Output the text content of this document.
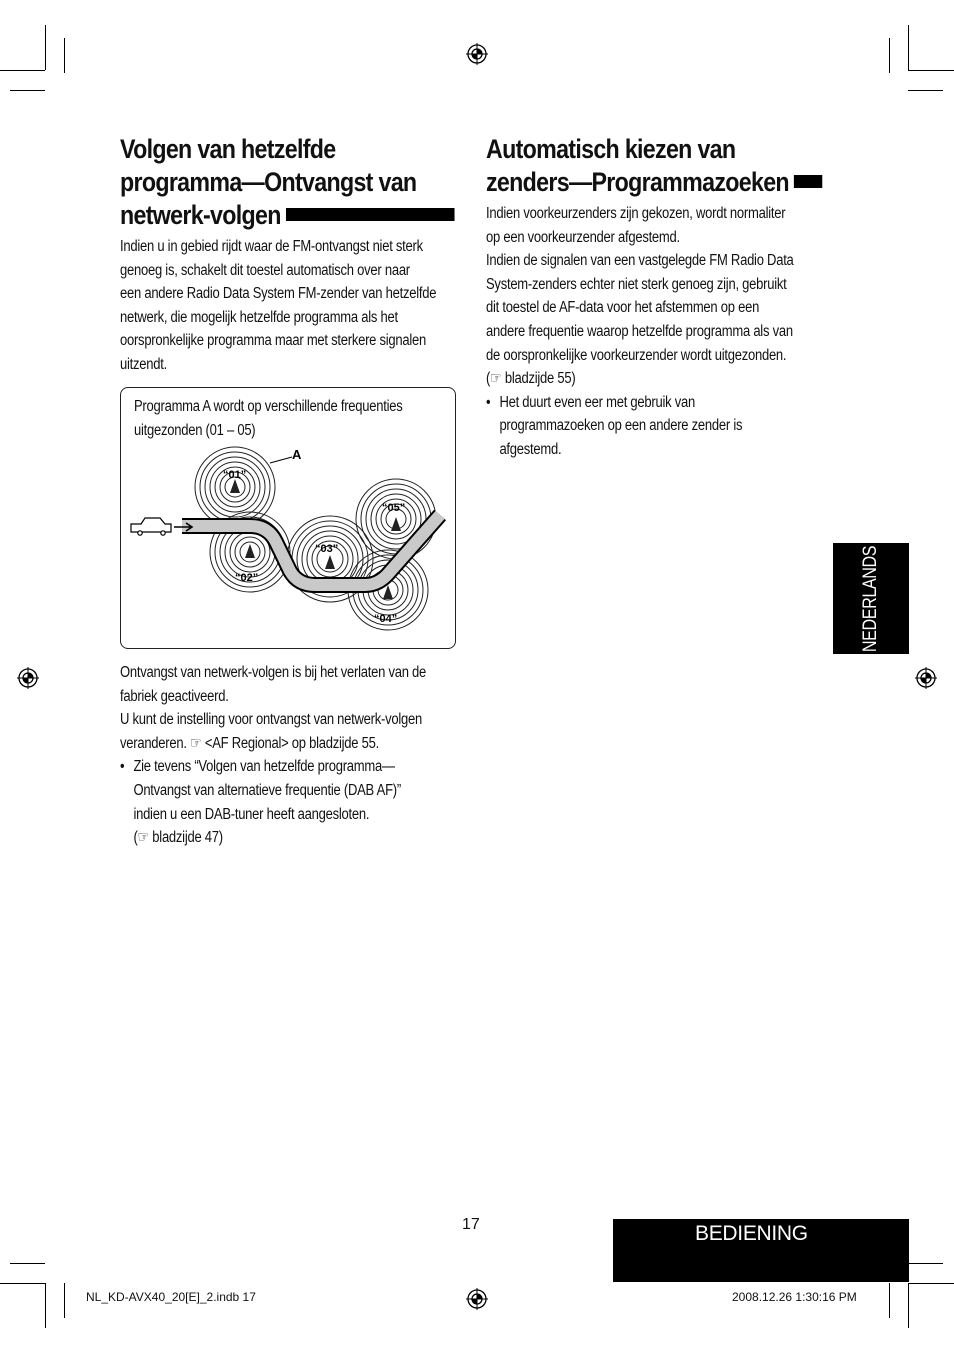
Volgen van hetzelfde
programma—Ontvangst van
netwerk-volgen

Indien u in gebied rijdt waar de FM-ontvangst niet sterk

genoeg is, schakelt dit toestel automatisch over naar

een andere Radio Data System FM-zender van hetzelfde

netwerk, die mogelijk hetzelfde programma als het

oorspronkelijke programma maar met sterkere signalen

uitzendt.

Programma A wordt op verschillende frequenties

uitgezonden (01 – 05)

“01”
“02”
“03”
“04”
“05”
A

Ontvangst van netwerk-volgen is bij het verlaten van de

fabriek geactiveerd.

U kunt de instelling voor ontvangst van netwerk-volgen

veranderen. ☞ <AF Regional> op bladzijde 55.

• Zie tevens “Volgen van hetzelfde programma—

Ontvangst van alternatieve frequentie (DAB AF)”

indien u een DAB-tuner heeft aangesloten.

(☞ bladzijde 47)

Automatisch kiezen van
zenders—Programmazoeken

Indien voorkeurzenders zijn gekozen, wordt normaliter

op een voorkeurzender afgestemd.

Indien de signalen van een vastgelegde FM Radio Data

System-zenders echter niet sterk genoeg zijn, gebruikt

dit toestel de AF-data voor het afstemmen op een

andere frequentie waarop hetzelfde programma als van

de oorspronkelijke voorkeurzender wordt uitgezonden.

(☞ bladzijde 55)

• Het duurt even eer met gebruik van

programmazoeken op een andere zender is

afgestemd.

NEDERLANDS
17	BEDIENING
NL_KD-AVX40_20[E]_2.indb 17	2008.12.26 1:30:16 PM
